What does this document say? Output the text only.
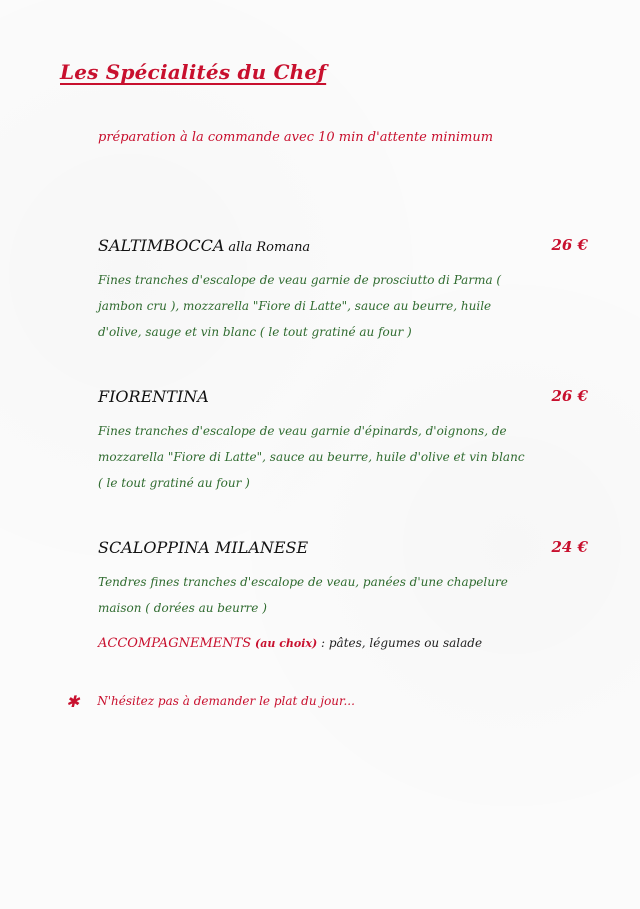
Les Spécialités du Chef
préparation à la commande avec 10 min d'attente minimum
SALTIMBOCCA alla Romana	26 €
Fines tranches d'escalope de veau garnie de prosciutto di Parma ( jambon cru ), mozzarella "Fiore di Latte", sauce au beurre, huile d'olive, sauge et vin blanc ( le tout gratiné au four )
FIORENTINA	26 €
Fines tranches d'escalope de veau garnie d'épinards, d'oignons, de mozzarella "Fiore di Latte", sauce au beurre, huile d'olive et vin blanc ( le tout gratiné au four )
SCALOPPINA MILANESE	24 €
Tendres fines tranches d'escalope de veau, panées d'une chapelure maison ( dorées au beurre )
ACCOMPAGNEMENTS (au choix) : pâtes, légumes ou salade
✱ N'hésitez pas à demander le plat du jour...
